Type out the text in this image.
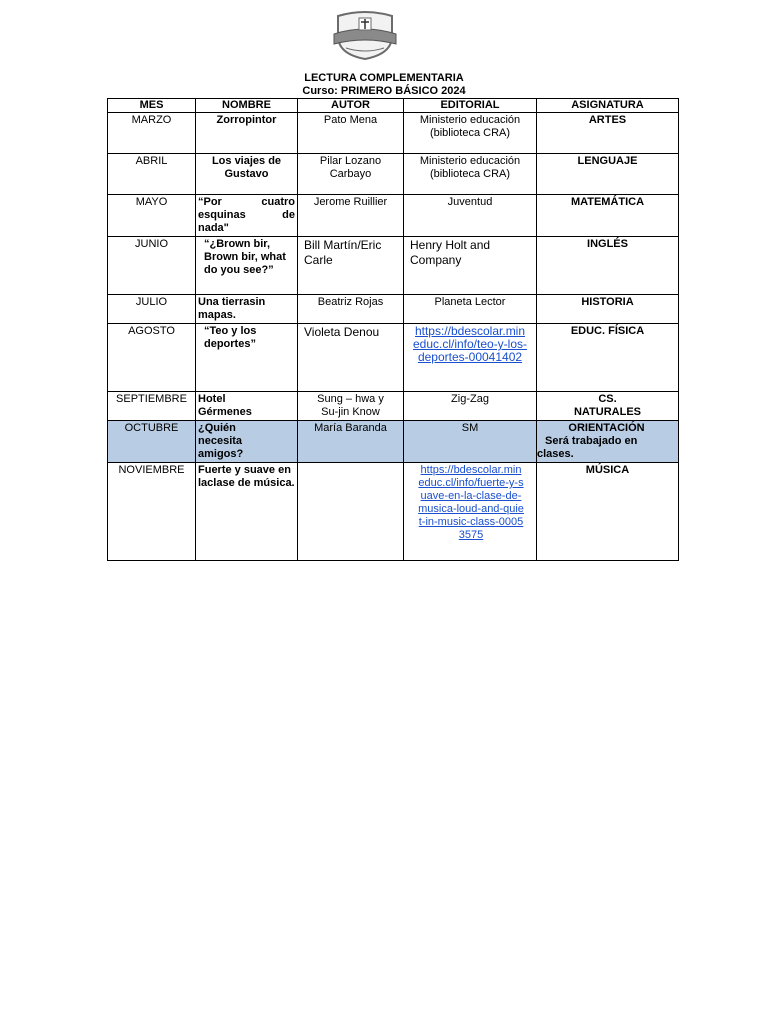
LECTURA COMPLEMENTARIA
Curso: PRIMERO BÁSICO 2024
MES	NOMBRE	AUTOR	EDITORIAL	ASIGNATURA
MARZO	Zorropintor	Pato Mena	Ministerio educación (biblioteca CRA)	ARTES
ABRIL	Los viajes de Gustavo	Pilar Lozano Carbayo	Ministerio educación (biblioteca CRA)	LENGUAJE
MAYO	“Por cuatro esquinas de nada"	Jerome Ruillier	Juventud	MATEMÁTICA
JUNIO	“¿Brown bir, Brown bir, what do you see?”	Bill Martín/Eric Carle	Henry Holt and Company	INGLÉS
JULIO	Una tierrasin mapas.	Beatriz Rojas	Planeta Lector	HISTORIA
AGOSTO	“Teo y los deportes”	Violeta Denou	https://bdescolar.mineduc.cl/info/teo-y-los-deportes-00041402	EDUC. FÍSICA
SEPTIEMBRE	Hotel Gérmenes	Sung – hwa y Su-jin Know	Zig-Zag	CS. NATURALES
OCTUBRE	¿Quién necesita amigos?	María Baranda	SM	ORIENTACIÓN
Será trabajado en clases.

NOVIEMBRE	Fuerte y suave en laclase de música.		https://bdescolar.mineduc.cl/info/fuerte-y-suave-en-la-clase-de-musica-loud-and-quiet-in-music-class-00053575	MÚSICA
